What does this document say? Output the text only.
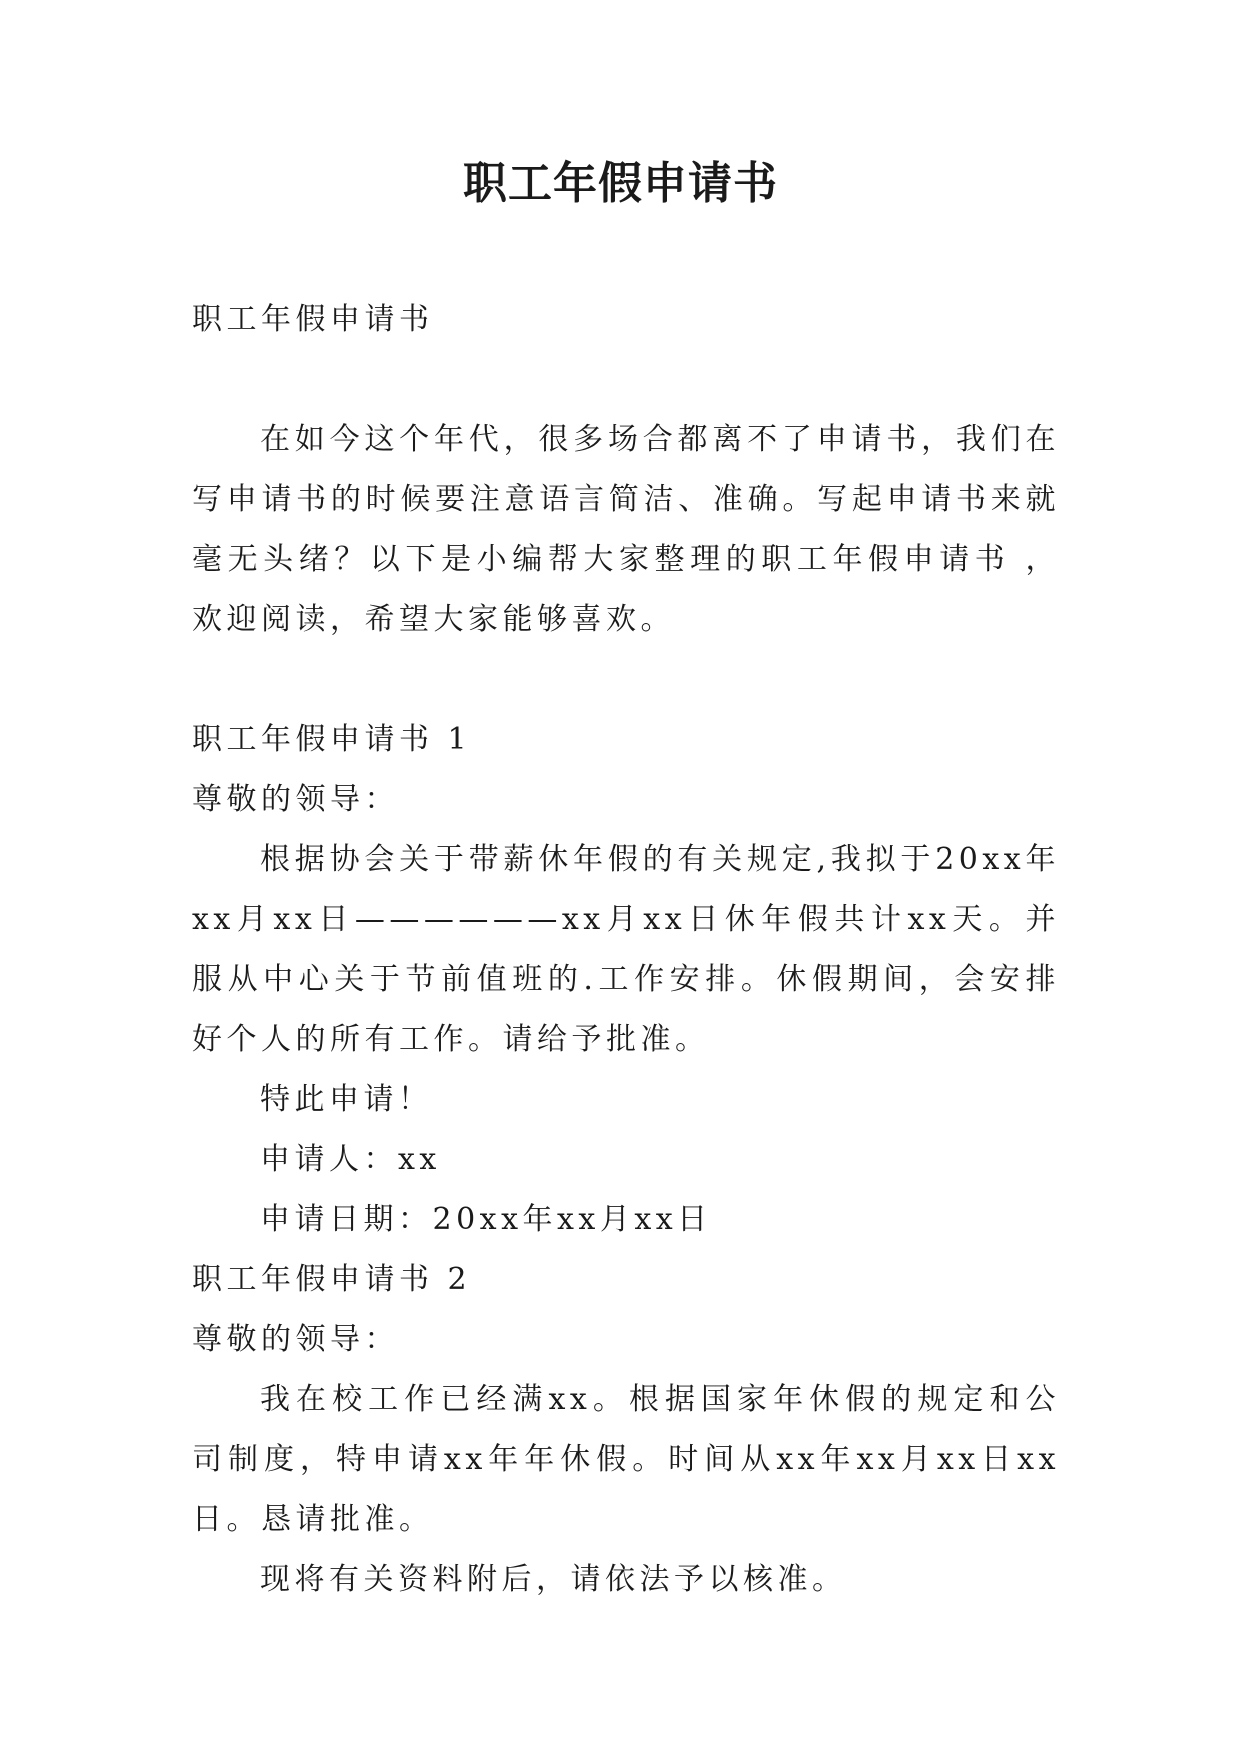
职工年假申请书

职工年假申请书

在如今这个年代，很多场合都离不了申请书，我们在写申请书的时候要注意语言简洁、准确。写起申请书来就毫无头绪？以下是小编帮大家整理的职工年假申请书 ，欢迎阅读，希望大家能够喜欢。

职工年假申请书 1

尊敬的领导：

根据协会关于带薪休年假的有关规定,我拟于20xx年xx月xx日——————xx月xx日休年假共计xx天。并服从中心关于节前值班的.工作安排。休假期间，会安排好个人的所有工作。请给予批准。

特此申请！

申请人：xx

申请日期：20xx年xx月xx日

职工年假申请书 2

尊敬的领导：

我在校工作已经满xx。根据国家年休假的规定和公司制度，特申请xx年年休假。时间从xx年xx月xx日xx日。恳请批准。

现将有关资料附后，请依法予以核准。
